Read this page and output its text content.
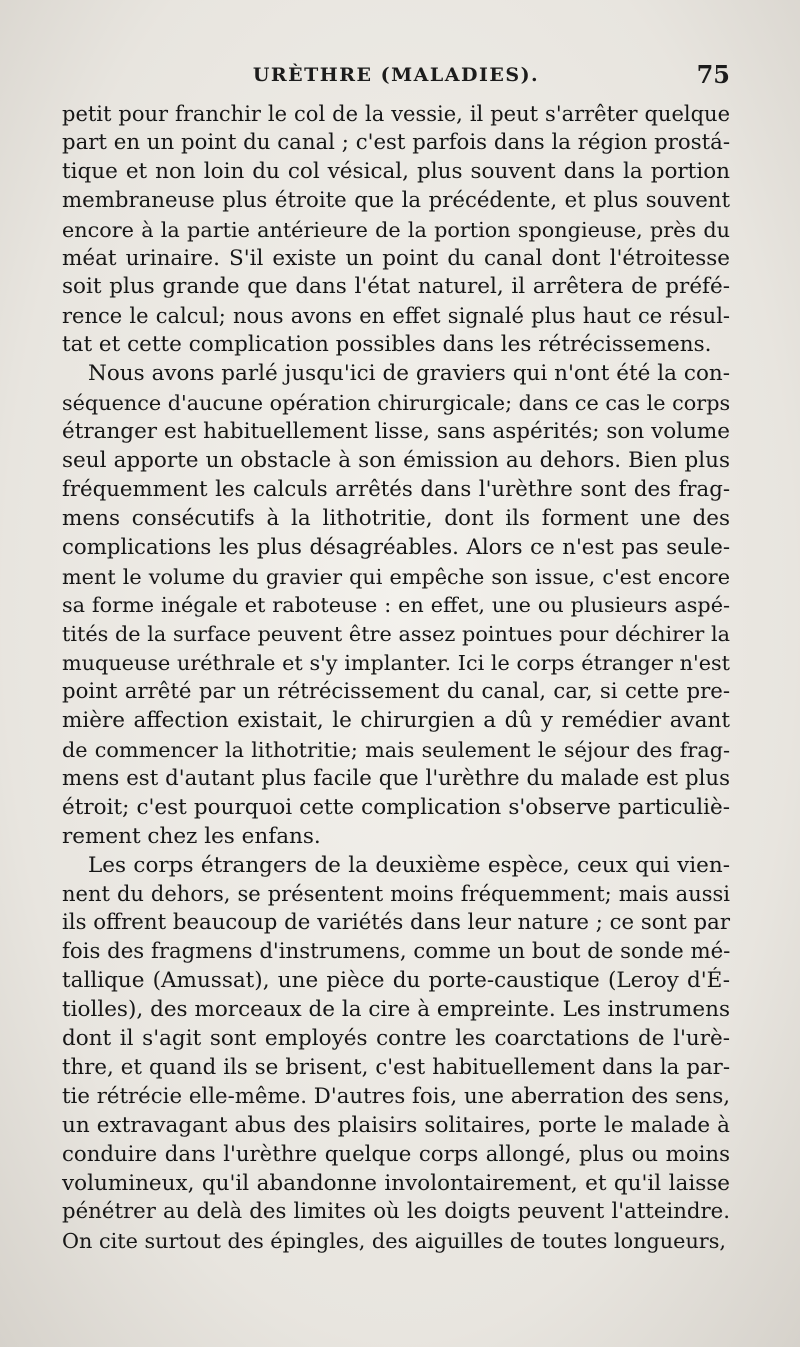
URÈTHRE (MALADIES).	75
petit pour franchir le col de la vessie, il peut s'arrêter quelque
part en un point du canal ; c'est parfois dans la région prostá-
tique et non loin du col vésical, plus souvent dans la portion
membraneuse plus étroite que la précédente, et plus souvent
encore à la partie antérieure de la portion spongieuse, près du
méat urinaire. S'il existe un point du canal dont l'étroitesse
soit plus grande que dans l'état naturel, il arrêtera de préfé-
rence le calcul; nous avons en effet signalé plus haut ce résul-
tat et cette complication possibles dans les rétrécissemens.
Nous avons parlé jusqu'ici de graviers qui n'ont été la con-
séquence d'aucune opération chirurgicale; dans ce cas le corps
étranger est habituellement lisse, sans aspérités; son volume
seul apporte un obstacle à son émission au dehors. Bien plus
fréquemment les calculs arrêtés dans l'urèthre sont des frag-
mens consécutifs à la lithotritie, dont ils forment une des
complications les plus désagréables. Alors ce n'est pas seule-
ment le volume du gravier qui empêche son issue, c'est encore
sa forme inégale et raboteuse : en effet, une ou plusieurs aspé-
tités de la surface peuvent être assez pointues pour déchirer la
muqueuse uréthrale et s'y implanter. Ici le corps étranger n'est
point arrêté par un rétrécissement du canal, car, si cette pre-
mière affection existait, le chirurgien a dû y remédier avant
de commencer la lithotritie; mais seulement le séjour des frag-
mens est d'autant plus facile que l'urèthre du malade est plus
étroit; c'est pourquoi cette complication s'observe particuliè-
rement chez les enfans.
Les corps étrangers de la deuxième espèce, ceux qui vien-
nent du dehors, se présentent moins fréquemment; mais aussi
ils offrent beaucoup de variétés dans leur nature ; ce sont par
fois des fragmens d'instrumens, comme un bout de sonde mé-
tallique (Amussat), une pièce du porte-caustique (Leroy d'É-
tiolles), des morceaux de la cire à empreinte. Les instrumens
dont il s'agit sont employés contre les coarctations de l'urè-
thre, et quand ils se brisent, c'est habituellement dans la par-
tie rétrécie elle-même. D'autres fois, une aberration des sens,
un extravagant abus des plaisirs solitaires, porte le malade à
conduire dans l'urèthre quelque corps allongé, plus ou moins
volumineux, qu'il abandonne involontairement, et qu'il laisse
pénétrer au delà des limites où les doigts peuvent l'atteindre.
On cite surtout des épingles, des aiguilles de toutes longueurs,
